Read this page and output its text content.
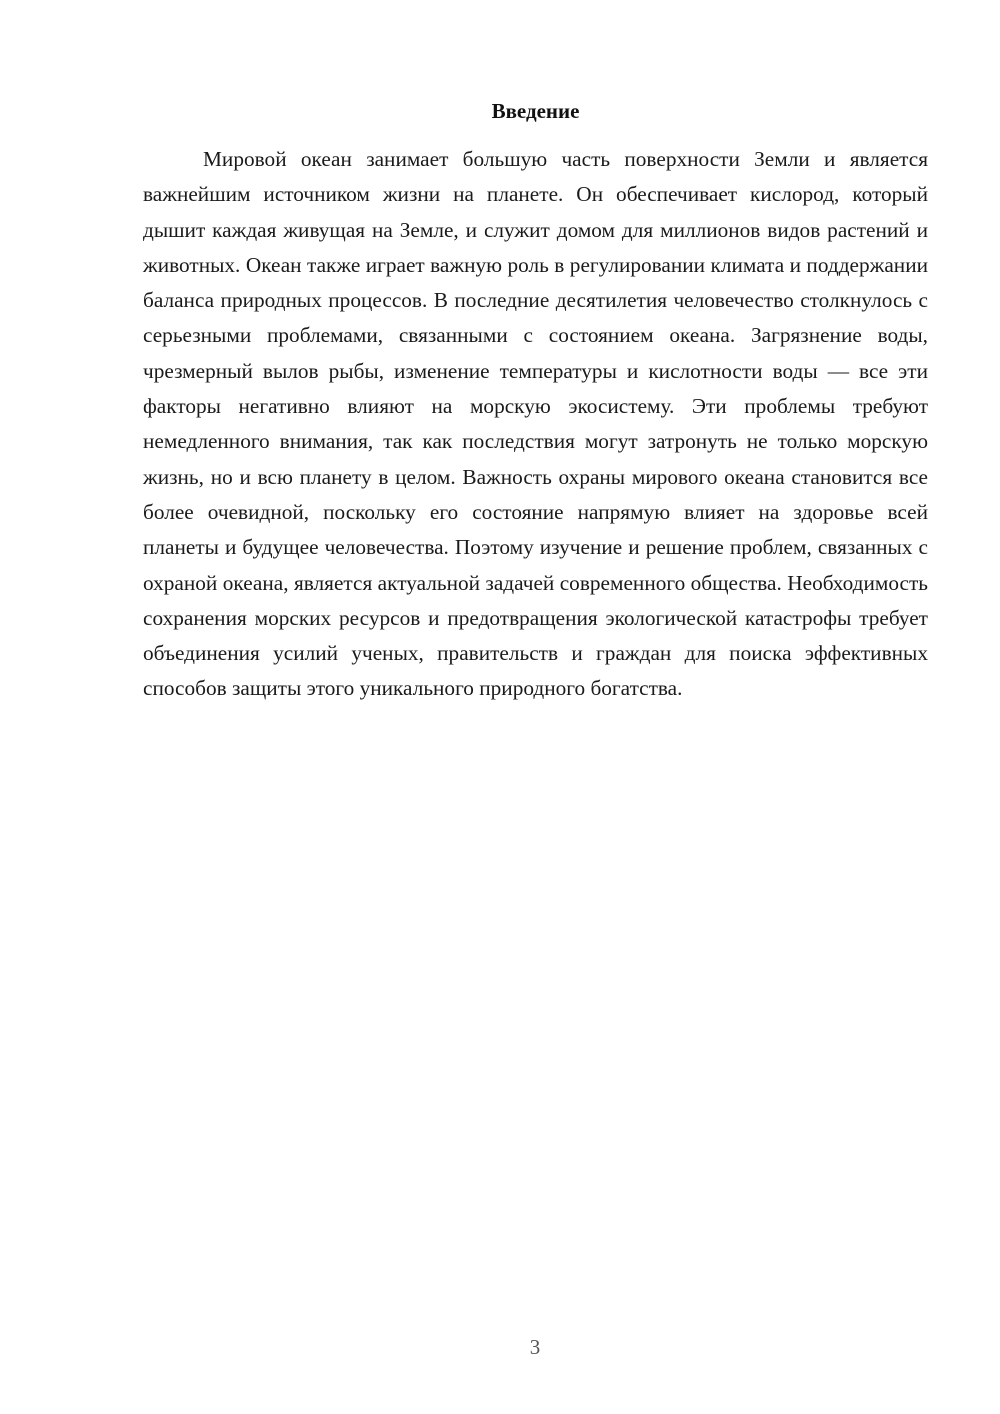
Введение

Мировой океан занимает большую часть поверхности Земли и является важнейшим источником жизни на планете. Он обеспечивает кислород, который дышит каждая живущая на Земле, и служит домом для миллионов видов растений и животных. Океан также играет важную роль в регулировании климата и поддержании баланса природных процессов. В последние десятилетия человечество столкнулось с серьезными проблемами, связанными с состоянием океана. Загрязнение воды, чрезмерный вылов рыбы, изменение температуры и кислотности воды — все эти факторы негативно влияют на морскую экосистему. Эти проблемы требуют немедленного внимания, так как последствия могут затронуть не только морскую жизнь, но и всю планету в целом. Важность охраны мирового океана становится все более очевидной, поскольку его состояние напрямую влияет на здоровье всей планеты и будущее человечества. Поэтому изучение и решение проблем, связанных с охраной океана, является актуальной задачей современного общества. Необходимость сохранения морских ресурсов и предотвращения экологической катастрофы требует объединения усилий ученых, правительств и граждан для поиска эффективных способов защиты этого уникального природного богатства.

3
